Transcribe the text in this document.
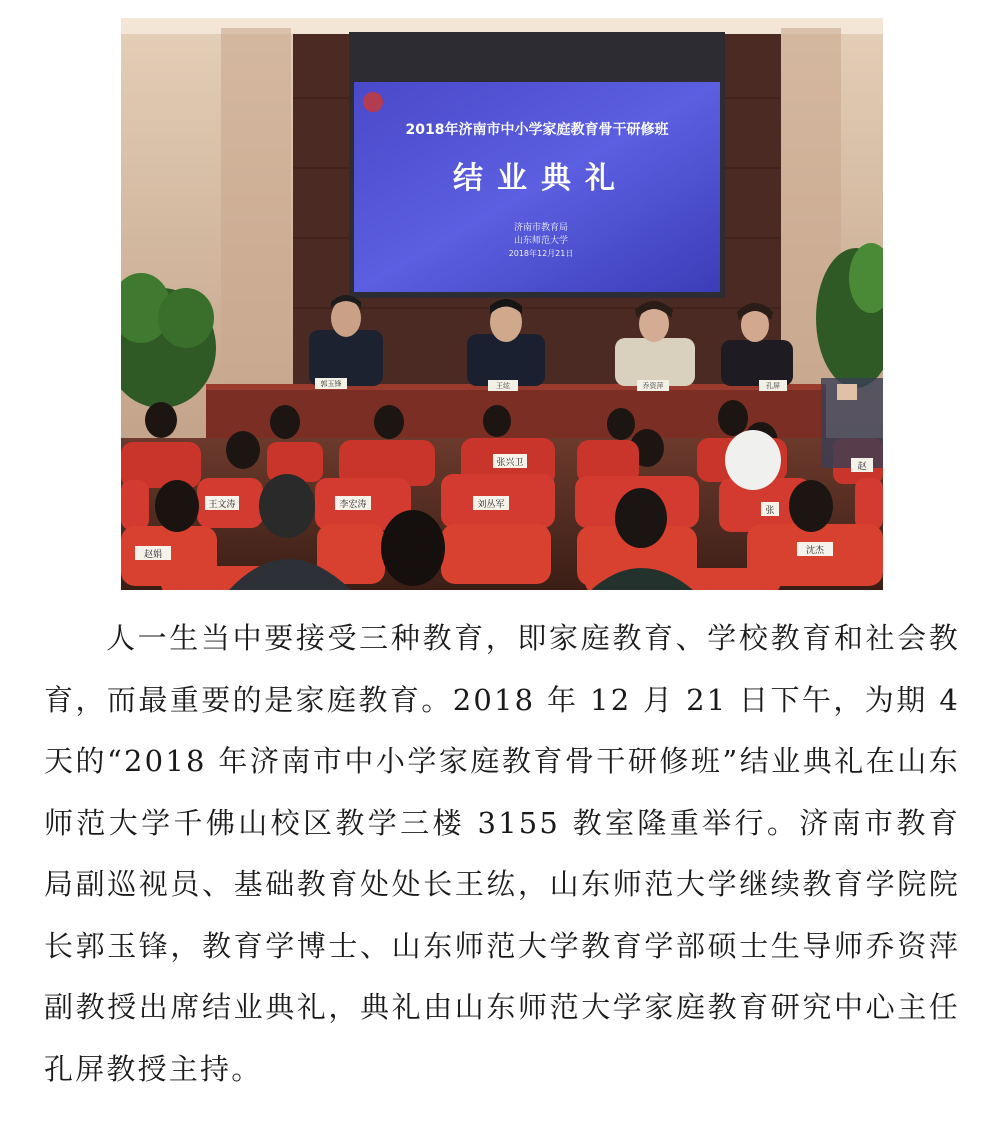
2018年济南市中小学家庭教育骨干研修班
结业典礼
济南市教育局
山东师范大学
2018年12月21日
郭玉锋	王纮	乔资萍	孔屏
王文涛	李宏涛	刘丛军
赵娟	沈杰
张兴卫
张
赵

人一生当中要接受三种教育，即家庭教育、学校教育和社会教育，而最重要的是家庭教育。2018 年 12 月 21 日下午，为期 4 天的“2018 年济南市中小学家庭教育骨干研修班”结业典礼在山东师范大学千佛山校区教学三楼 3155 教室隆重举行。济南市教育局副巡视员、基础教育处处长王纮，山东师范大学继续教育学院院长郭玉锋，教育学博士、山东师范大学教育学部硕士生导师乔资萍副教授出席结业典礼，典礼由山东师范大学家庭教育研究中心主任孔屏教授主持。
